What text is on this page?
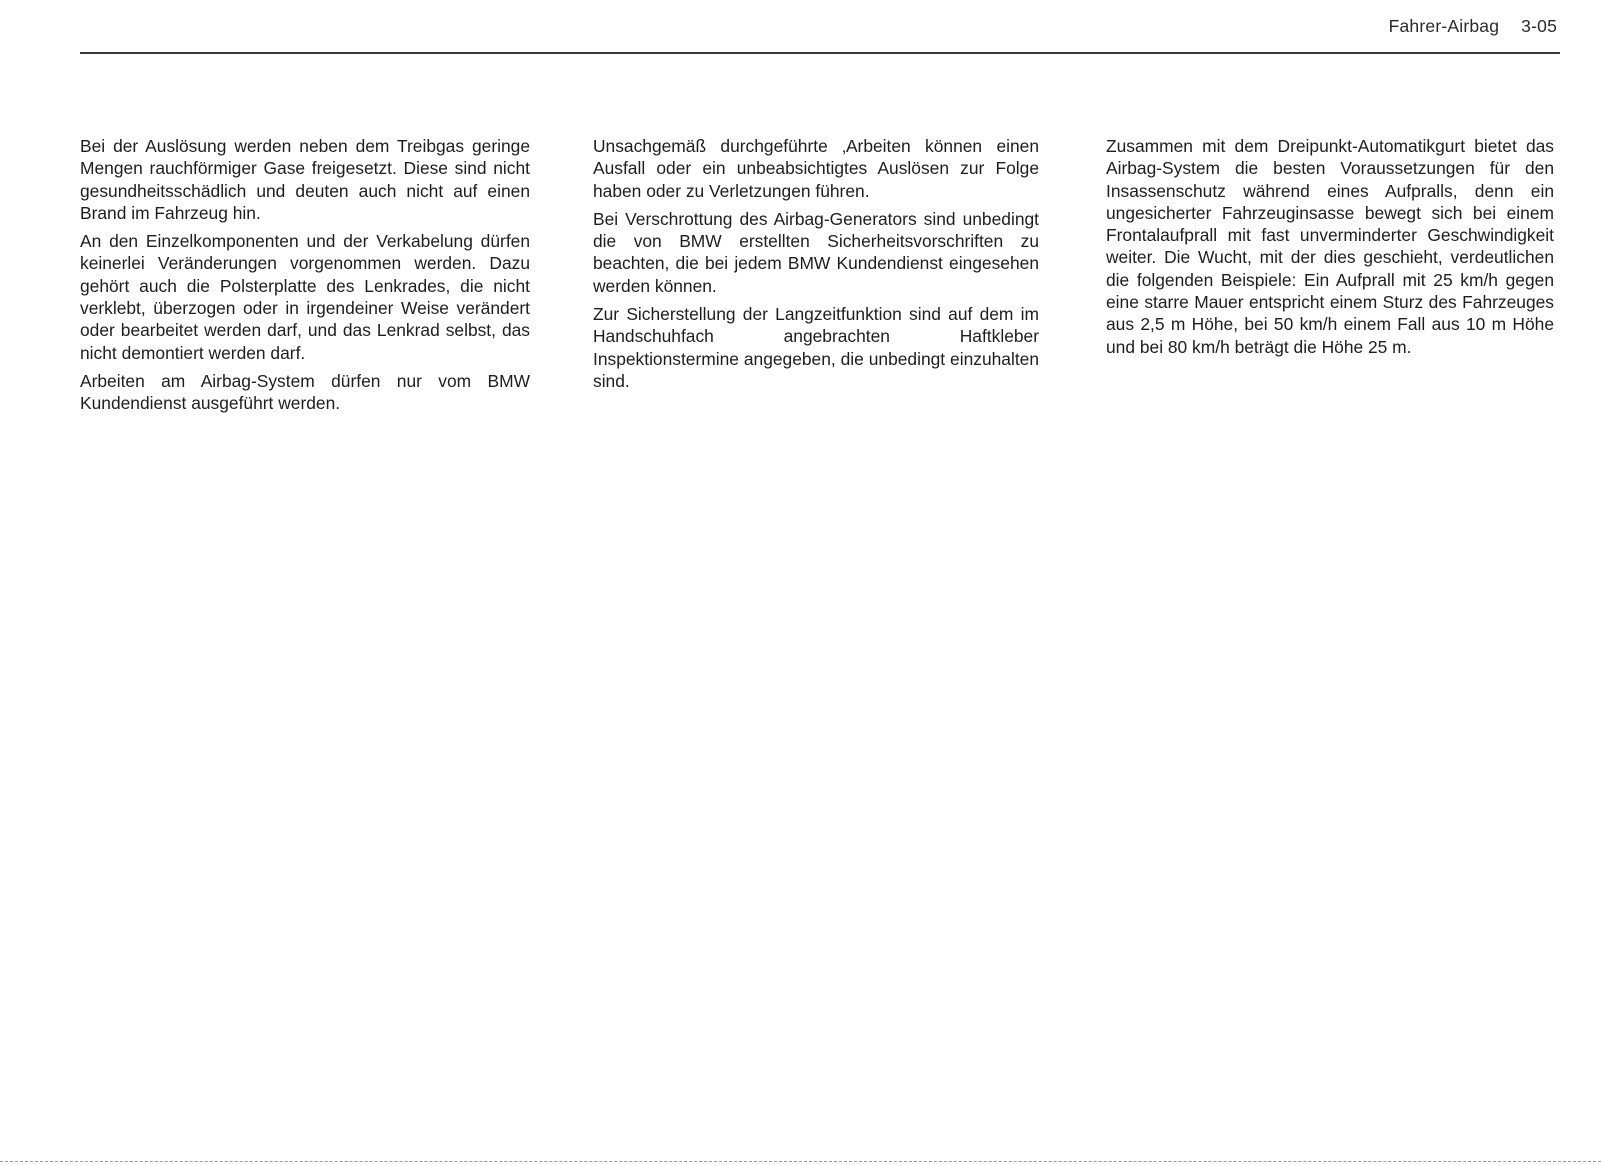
Fahrer-Airbag 3-05

Bei der Auslösung werden neben dem Treibgas geringe Mengen rauchförmiger Gase freigesetzt. Diese sind nicht gesundheitsschädlich und deuten auch nicht auf einen Brand im Fahrzeug hin.

An den Einzelkomponenten und der Verkabelung dürfen keinerlei Veränderungen vorgenommen werden. Dazu gehört auch die Polsterplatte des Lenkrades, die nicht verklebt, überzogen oder in irgendeiner Weise verändert oder bearbeitet werden darf, und das Lenkrad selbst, das nicht demontiert werden darf.

Arbeiten am Airbag-System dürfen nur vom BMW Kundendienst ausgeführt werden.

Unsachgemäß durchgeführte ‚Arbeiten können einen Ausfall oder ein unbeabsichtigtes Auslösen zur Folge haben oder zu Verletzungen führen.

Bei Verschrottung des Airbag-Generators sind unbedingt die von BMW erstellten Sicherheitsvorschriften zu beachten, die bei jedem BMW Kundendienst eingesehen werden können.

Zur Sicherstellung der Langzeitfunktion sind auf dem im Handschuhfach angebrachten Haftkleber Inspektionstermine angegeben, die unbedingt einzuhalten sind.

Zusammen mit dem Dreipunkt-Automatikgurt bietet das Airbag-System die besten Voraussetzungen für den Insassenschutz während eines Aufpralls, denn ein ungesicherter Fahrzeuginsasse bewegt sich bei einem Frontalaufprall mit fast unverminderter Geschwindigkeit weiter. Die Wucht, mit der dies geschieht, verdeutlichen die folgenden Beispiele: Ein Aufprall mit 25 km/h gegen eine starre Mauer entspricht einem Sturz des Fahrzeuges aus 2,5 m Höhe, bei 50 km/h einem Fall aus 10 m Höhe und bei 80 km/h beträgt die Höhe 25 m.
